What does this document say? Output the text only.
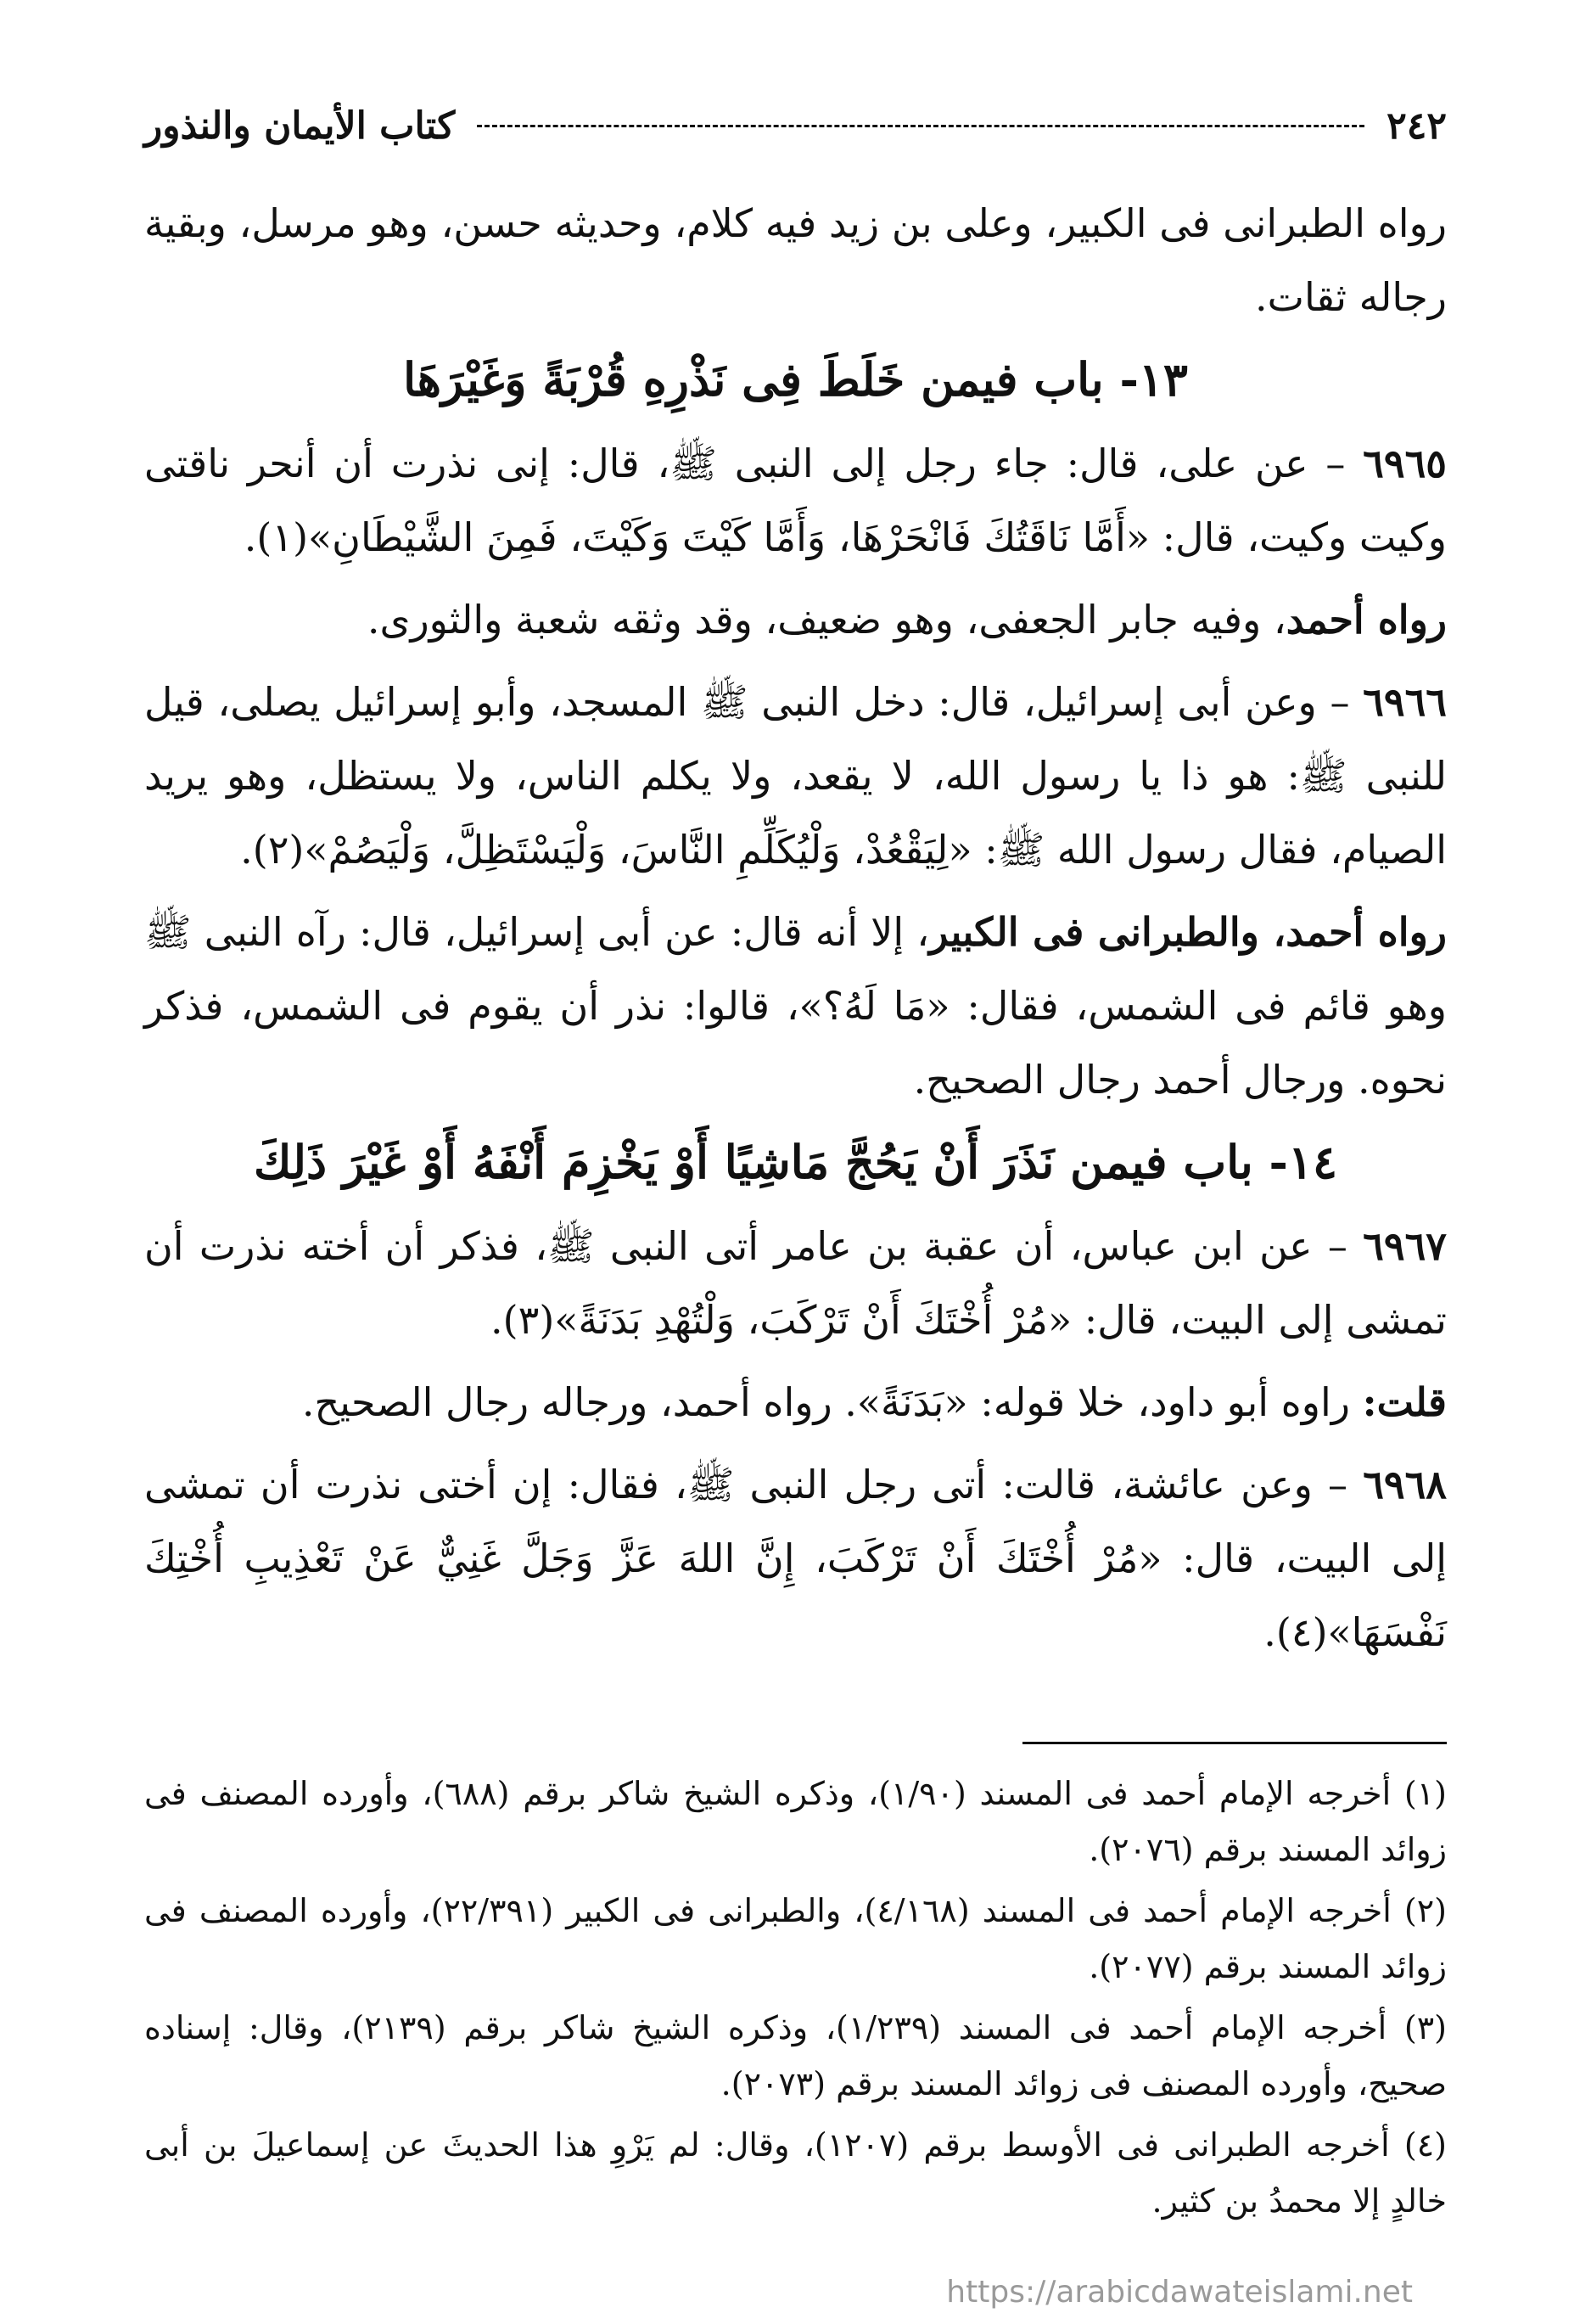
٢٤٢
كتاب الأيمان والنذور

رواه الطبرانى فى الكبير، وعلى بن زيد فيه كلام، وحديثه حسن، وهو مرسل، وبقية رجاله ثقات.

١٣- باب فيمن خَلَطَ فِى نَذْرِهِ قُرْبَةً وَغَيْرَهَا

٦٩٦٥ – عن على، قال: جاء رجل إلى النبى ﷺ، قال: إنى نذرت أن أنحر ناقتى وكيت وكيت، قال: «أَمَّا نَاقَتُكَ فَانْحَرْهَا، وَأَمَّا كَيْتَ وَكَيْتَ، فَمِنَ الشَّيْطَانِ»(١).

رواه أحمد، وفيه جابر الجعفى، وهو ضعيف، وقد وثقه شعبة والثورى.

٦٩٦٦ – وعن أبى إسرائيل، قال: دخل النبى ﷺ المسجد، وأبو إسرائيل يصلى، قيل للنبى ﷺ: هو ذا يا رسول الله، لا يقعد، ولا يكلم الناس، ولا يستظل، وهو يريد الصيام، فقال رسول الله ﷺ: «لِيَقْعُدْ، وَلْيُكَلِّمِ النَّاسَ، وَلْيَسْتَظِلَّ، وَلْيَصُمْ»(٢).

رواه أحمد، والطبرانى فى الكبير، إلا أنه قال: عن أبى إسرائيل، قال: رآه النبى ﷺ وهو قائم فى الشمس، فقال: «مَا لَهُ؟»، قالوا: نذر أن يقوم فى الشمس، فذكر نحوه. ورجال أحمد رجال الصحيح.

١٤- باب فيمن نَذَرَ أَنْ يَحُجَّ مَاشِيًا أَوْ يَخْزِمَ أَنْفَهُ أَوْ غَيْرَ ذَلِكَ

٦٩٦٧ – عن ابن عباس، أن عقبة بن عامر أتى النبى ﷺ، فذكر أن أخته نذرت أن تمشى إلى البيت، قال: «مُرْ أُخْتَكَ أَنْ تَرْكَبَ، وَلْتُهْدِ بَدَنَةً»(٣).

قلت: راوه أبو داود، خلا قوله: «بَدَنَةً». رواه أحمد، ورجاله رجال الصحيح.

٦٩٦٨ – وعن عائشة، قالت: أتى رجل النبى ﷺ، فقال: إن أختى نذرت أن تمشى إلى البيت، قال: «مُرْ أُخْتَكَ أَنْ تَرْكَبَ، إِنَّ اللهَ عَزَّ وَجَلَّ غَنِيٌّ عَنْ تَعْذِيبِ أُخْتِكَ نَفْسَهَا»(٤).

(١) أخرجه الإمام أحمد فى المسند (١/٩٠)، وذكره الشيخ شاكر برقم (٦٨٨)، وأورده المصنف فى زوائد المسند برقم (٢٠٧٦).

(٢) أخرجه الإمام أحمد فى المسند (٤/١٦٨)، والطبرانى فى الكبير (٢٢/٣٩١)، وأورده المصنف فى زوائد المسند برقم (٢٠٧٧).

(٣) أخرجه الإمام أحمد فى المسند (١/٢٣٩)، وذكره الشيخ شاكر برقم (٢١٣٩)، وقال: إسناده صحيح، وأورده المصنف فى زوائد المسند برقم (٢٠٧٣).

(٤) أخرجه الطبرانى فى الأوسط برقم (١٢٠٧)، وقال: لم يَرْوِ هذا الحديثَ عن إسماعيلَ بن أبى خالدٍ إلا محمدُ بن كثير.

https://arabicdawateislami.net
